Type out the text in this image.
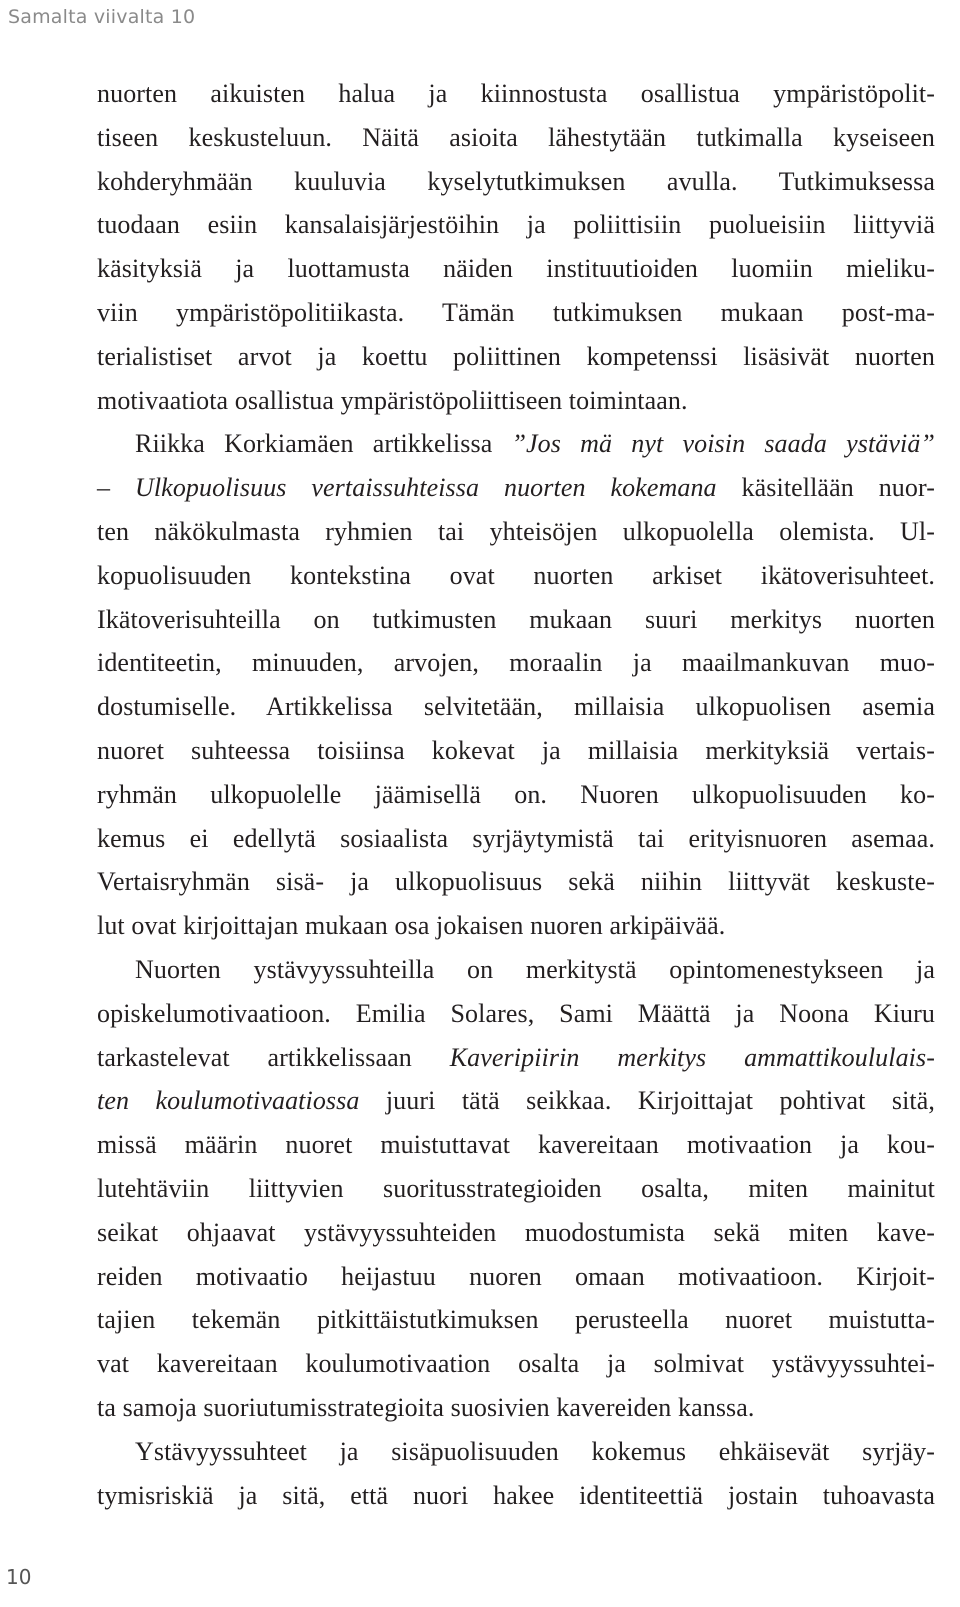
Samalta viivalta 10
nuorten aikuisten halua ja kiinnostusta osallistua ympäristöpolit-
tiseen keskusteluun. Näitä asioita lähestytään tutkimalla kyseiseen
kohderyhmään kuuluvia kyselytutkimuksen avulla. Tutkimuksessa
tuodaan esiin kansalaisjärjestöihin ja poliittisiin puolueisiin liittyviä
käsityksiä ja luottamusta näiden instituutioiden luomiin mieliku-
viin ympäristöpolitiikasta. Tämän tutkimuksen mukaan post-ma-
terialistiset arvot ja koettu poliittinen kompetenssi lisäsivät nuorten
motivaatiota osallistua ympäristöpoliittiseen toimintaan.
Riikka Korkiamäen artikkelissa ”Jos mä nyt voisin saada ystäviä”
– Ulkopuolisuus vertaissuhteissa nuorten kokemana käsitellään nuor-
ten näkökulmasta ryhmien tai yhteisöjen ulkopuolella olemista. Ul-
kopuolisuuden kontekstina ovat nuorten arkiset ikätoverisuhteet.
Ikätoverisuhteilla on tutkimusten mukaan suuri merkitys nuorten
identiteetin, minuuden, arvojen, moraalin ja maailmankuvan muo-
dostumiselle. Artikkelissa selvitetään, millaisia ulkopuolisen asemia
nuoret suhteessa toisiinsa kokevat ja millaisia merkityksiä vertais-
ryhmän ulkopuolelle jäämisellä on. Nuoren ulkopuolisuuden ko-
kemus ei edellytä sosiaalista syrjäytymistä tai erityisnuoren asemaa.
Vertaisryhmän sisä- ja ulkopuolisuus sekä niihin liittyvät keskuste-
lut ovat kirjoittajan mukaan osa jokaisen nuoren arkipäivää.
Nuorten ystävyyssuhteilla on merkitystä opintomenestykseen ja
opiskelumotivaatioon. Emilia Solares, Sami Määttä ja Noona Kiuru
tarkastelevat artikkelissaan Kaveripiirin merkitys ammattikoululais-
ten koulumotivaatiossa juuri tätä seikkaa. Kirjoittajat pohtivat sitä,
missä määrin nuoret muistuttavat kavereitaan motivaation ja kou-
lutehtäviin liittyvien suoritusstrategioiden osalta, miten mainitut
seikat ohjaavat ystävyyssuhteiden muodostumista sekä miten kave-
reiden motivaatio heijastuu nuoren omaan motivaatioon. Kirjoit-
tajien tekemän pitkittäistutkimuksen perusteella nuoret muistutta-
vat kavereitaan koulumotivaation osalta ja solmivat ystävyyssuhtei-
ta samoja suoriutumisstrategioita suosivien kavereiden kanssa.
Ystävyyssuhteet ja sisäpuolisuuden kokemus ehkäisevät syrjäy-
tymisriskiä ja sitä, että nuori hakee identiteettiä jostain tuhoavasta
10
